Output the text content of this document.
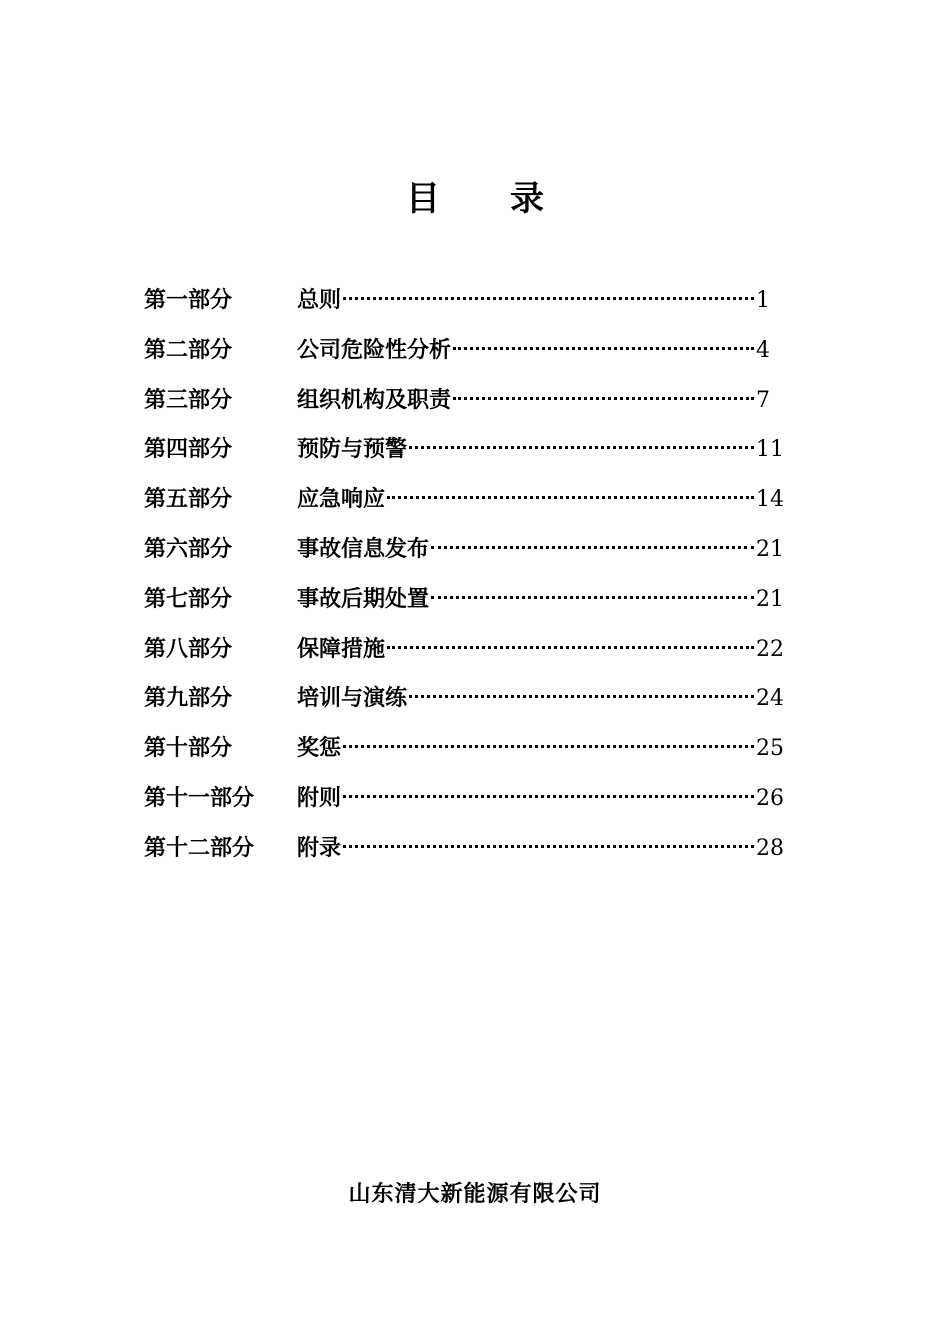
目 录
第一部分	总则	1
第二部分	公司危险性分析	4
第三部分	组织机构及职责	7
第四部分	预防与预警	11
第五部分	应急响应	14
第六部分	事故信息发布	21
第七部分	事故后期处置	21
第八部分	保障措施	22
第九部分	培训与演练	24
第十部分	奖惩	25
第十一部分	附则	26
第十二部分	附录	28
山东清大新能源有限公司
